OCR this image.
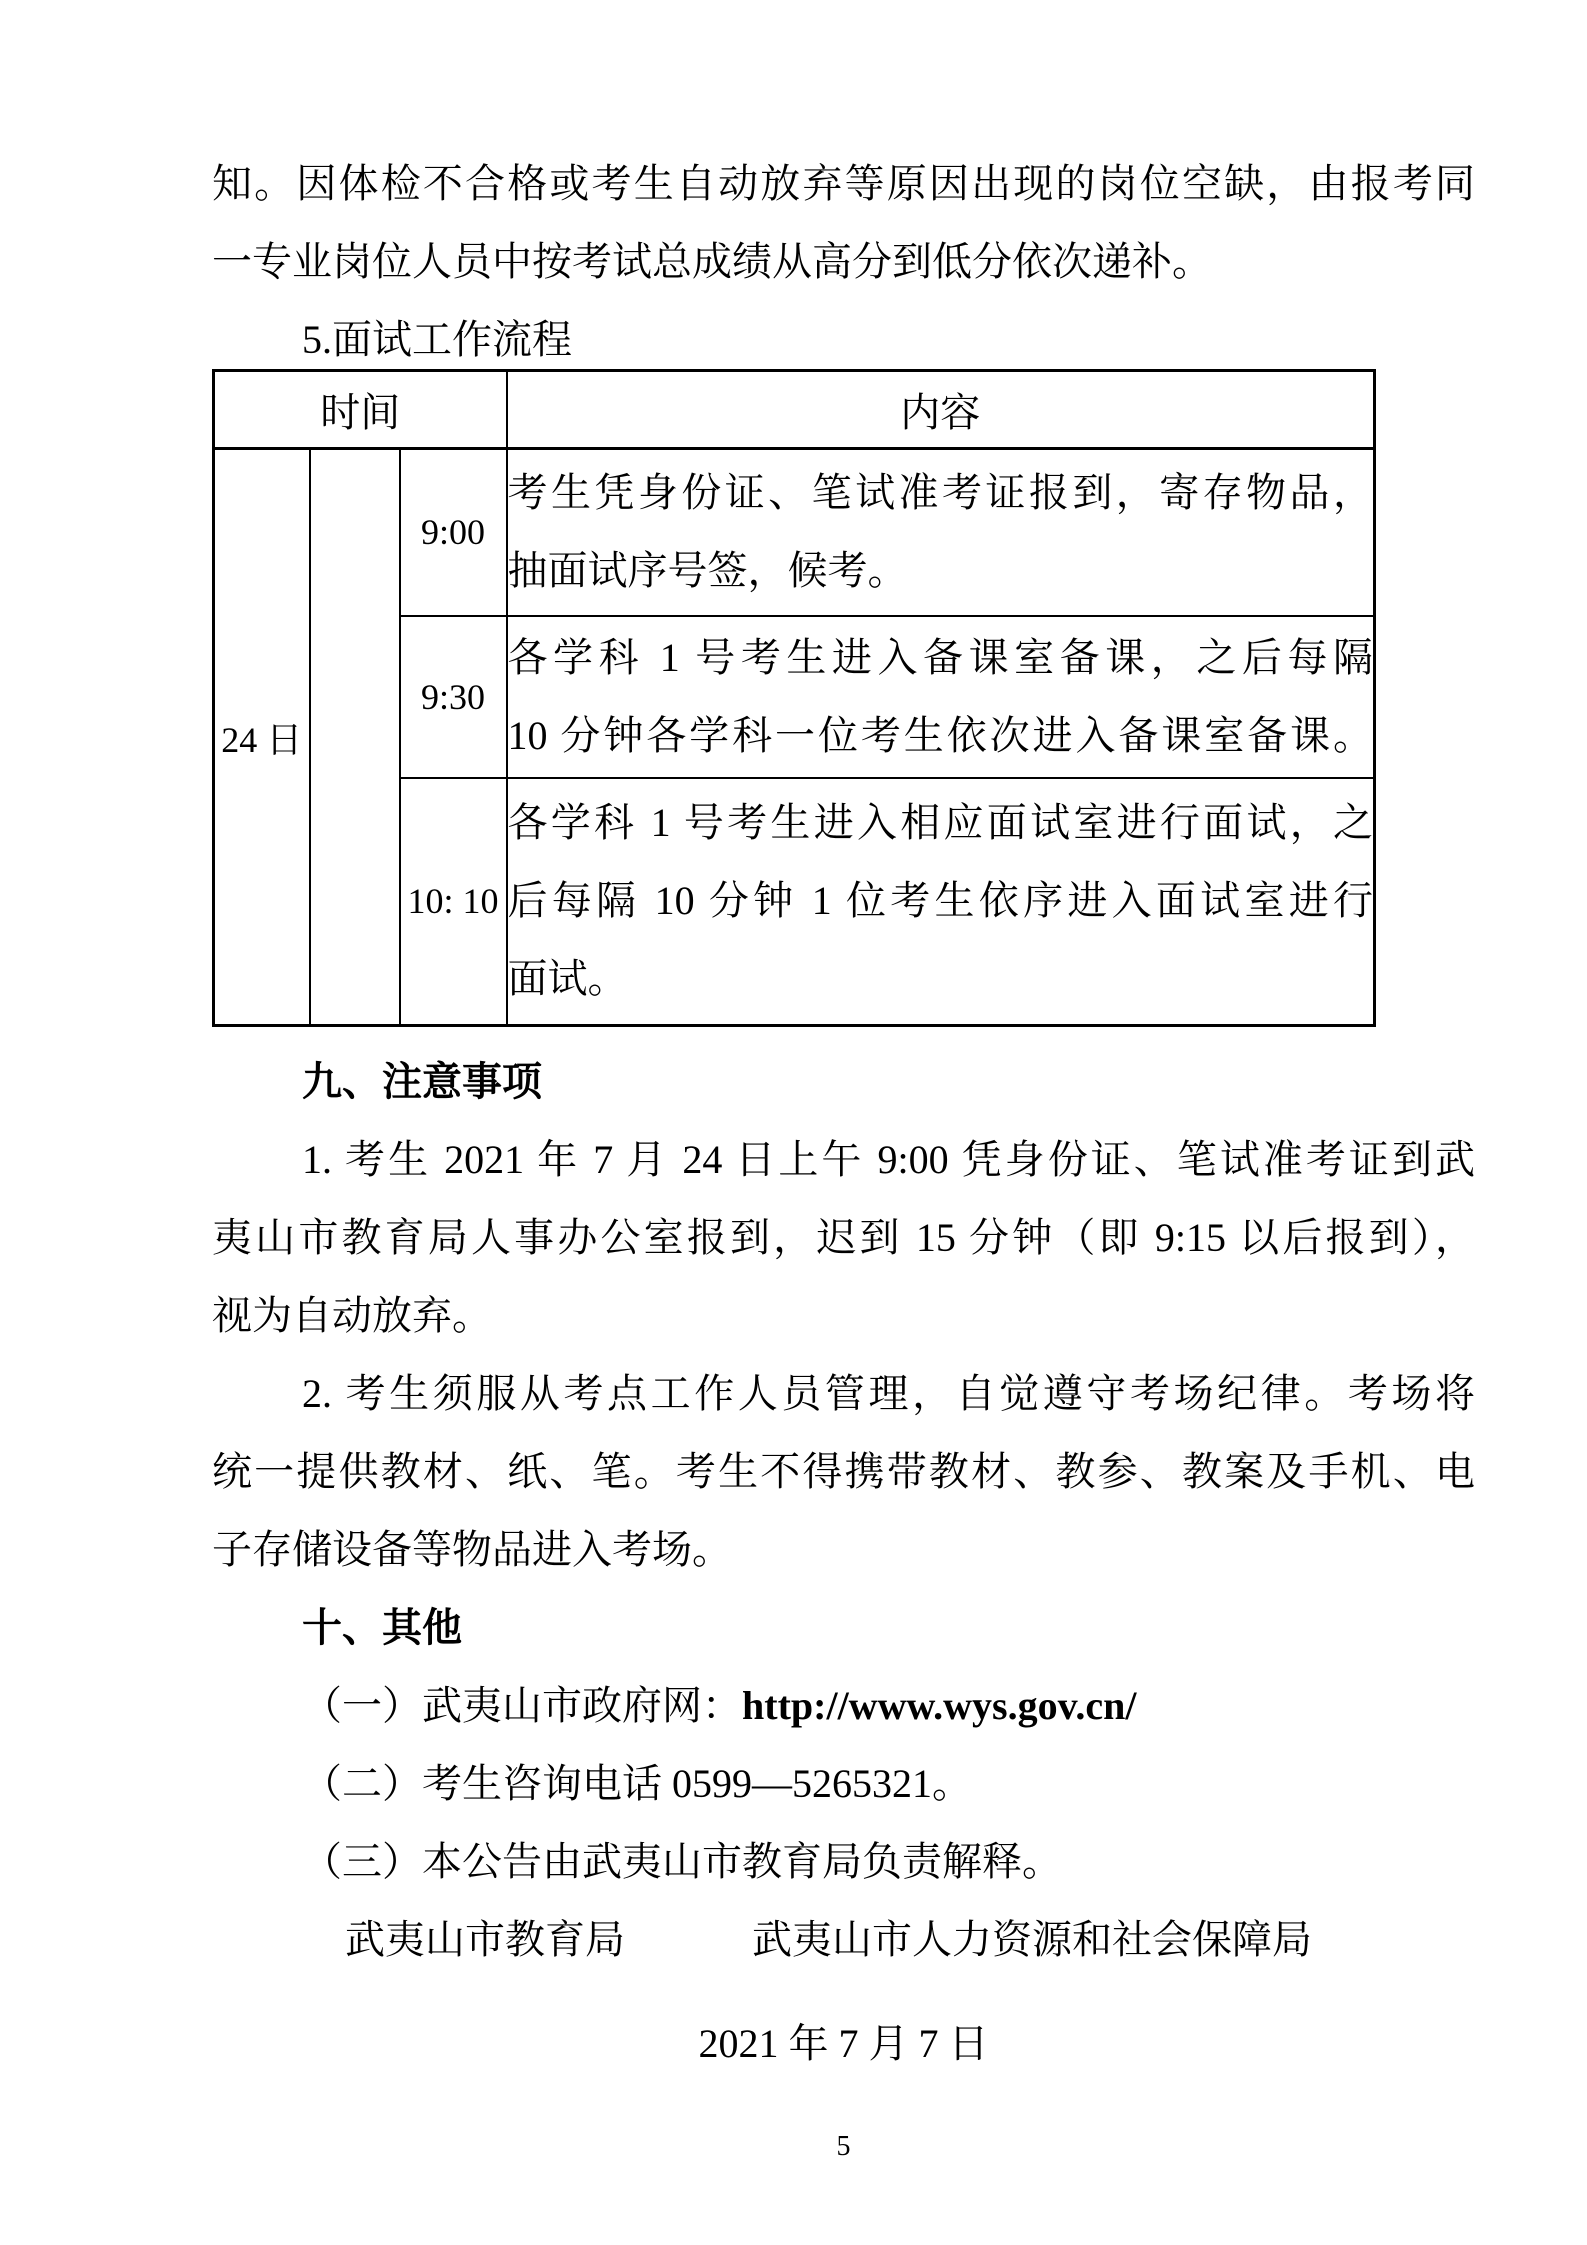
知。因体检不合格或考生自动放弃等原因出现的岗位空缺，由报考同
一专业岗位人员中按考试总成绩从高分到低分依次递补。
5.面试工作流程
时间			内容
24 日		9:00	考生凭身份证、笔试准考证报到，寄存物品，
抽面试序号签，候考。

		9:30	各学科 1 号考生进入备课室备课，之后每隔
10 分钟各学科一位考生依次进入备课室备课。

		10: 10	各学科 1 号考生进入相应面试室进行面试，之
后每隔 10 分钟 1 位考生依序进入面试室进行
面试。
九、注意事项
1. 考生 2021 年 7 月 24 日上午 9:00 凭身份证、笔试准考证到武
夷山市教育局人事办公室报到，迟到 15 分钟（即 9:15 以后报到），
视为自动放弃。
2. 考生须服从考点工作人员管理，自觉遵守考场纪律。考场将
统一提供教材、纸、笔。考生不得携带教材、教参、教案及手机、电
子存储设备等物品进入考场。
十、其他
（一）武夷山市政府网：http://www.wys.gov.cn/
（二）考生咨询电话 0599—5265321。
（三）本公告由武夷山市教育局负责解释。
武夷山市教育局	武夷山市人力资源和社会保障局
2021 年 7 月 7 日
5
